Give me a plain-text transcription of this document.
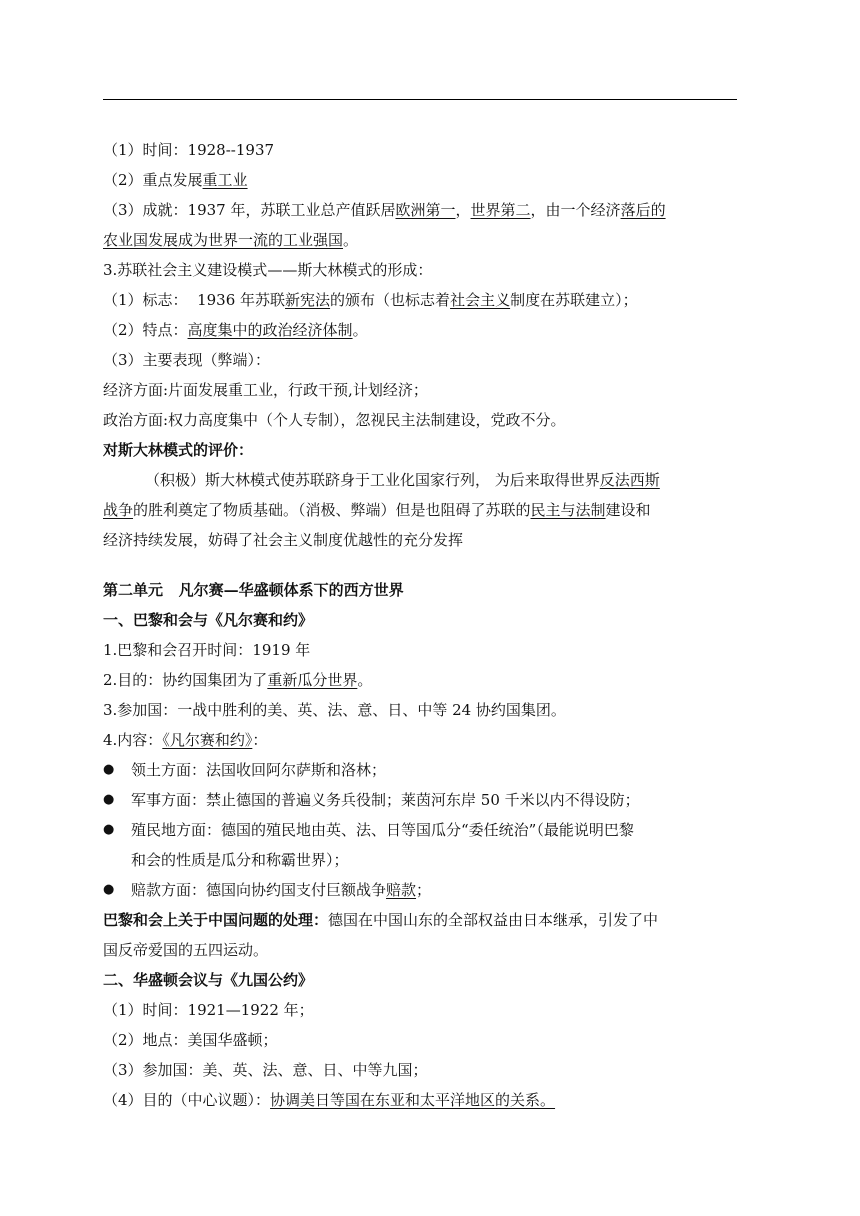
（1）时间：1928--1937
（2）重点发展重工业
（3）成就：1937 年，苏联工业总产值跃居欧洲第一，世界第二，由一个经济落后的
农业国发展成为世界一流的工业强国。
3.苏联社会主义建设模式——斯大林模式的形成：
（1）标志：  1936 年苏联新宪法的颁布（也标志着社会主义制度在苏联建立）；
（2）特点：高度集中的政治经济体制。
（3）主要表现（弊端）：
经济方面:片面发展重工业，行政干预,计划经济；
政治方面:权力高度集中（个人专制），忽视民主法制建设，党政不分。
对斯大林模式的评价：
（积极）斯大林模式使苏联跻身于工业化国家行列， 为后来取得世界反法西斯
战争的胜利奠定了物质基础。（消极、弊端）但是也阻碍了苏联的民主与法制建设和
经济持续发展，妨碍了社会主义制度优越性的充分发挥
第二单元   凡尔赛—华盛顿体系下的西方世界
一、巴黎和会与《凡尔赛和约》
1.巴黎和会召开时间：1919 年
2.目的：协约国集团为了重新瓜分世界。
3.参加国：一战中胜利的美、英、法、意、日、中等 24 协约国集团。
4.内容：《凡尔赛和约》：
● 领土方面：法国收回阿尔萨斯和洛林；
● 军事方面：禁止德国的普遍义务兵役制；莱茵河东岸 50 千米以内不得设防；
● 殖民地方面：德国的殖民地由英、法、日等国瓜分“委任统治”（最能说明巴黎
和会的性质是瓜分和称霸世界）；
● 赔款方面：德国向协约国支付巨额战争赔款；
巴黎和会上关于中国问题的处理：德国在中国山东的全部权益由日本继承，引发了中
国反帝爱国的五四运动。
二、华盛顿会议与《九国公约》
（1）时间：1921—1922 年；
（2）地点：美国华盛顿；
（3）参加国：美、英、法、意、日、中等九国；
（4）目的（中心议题）：协调美日等国在东亚和太平洋地区的关系。
